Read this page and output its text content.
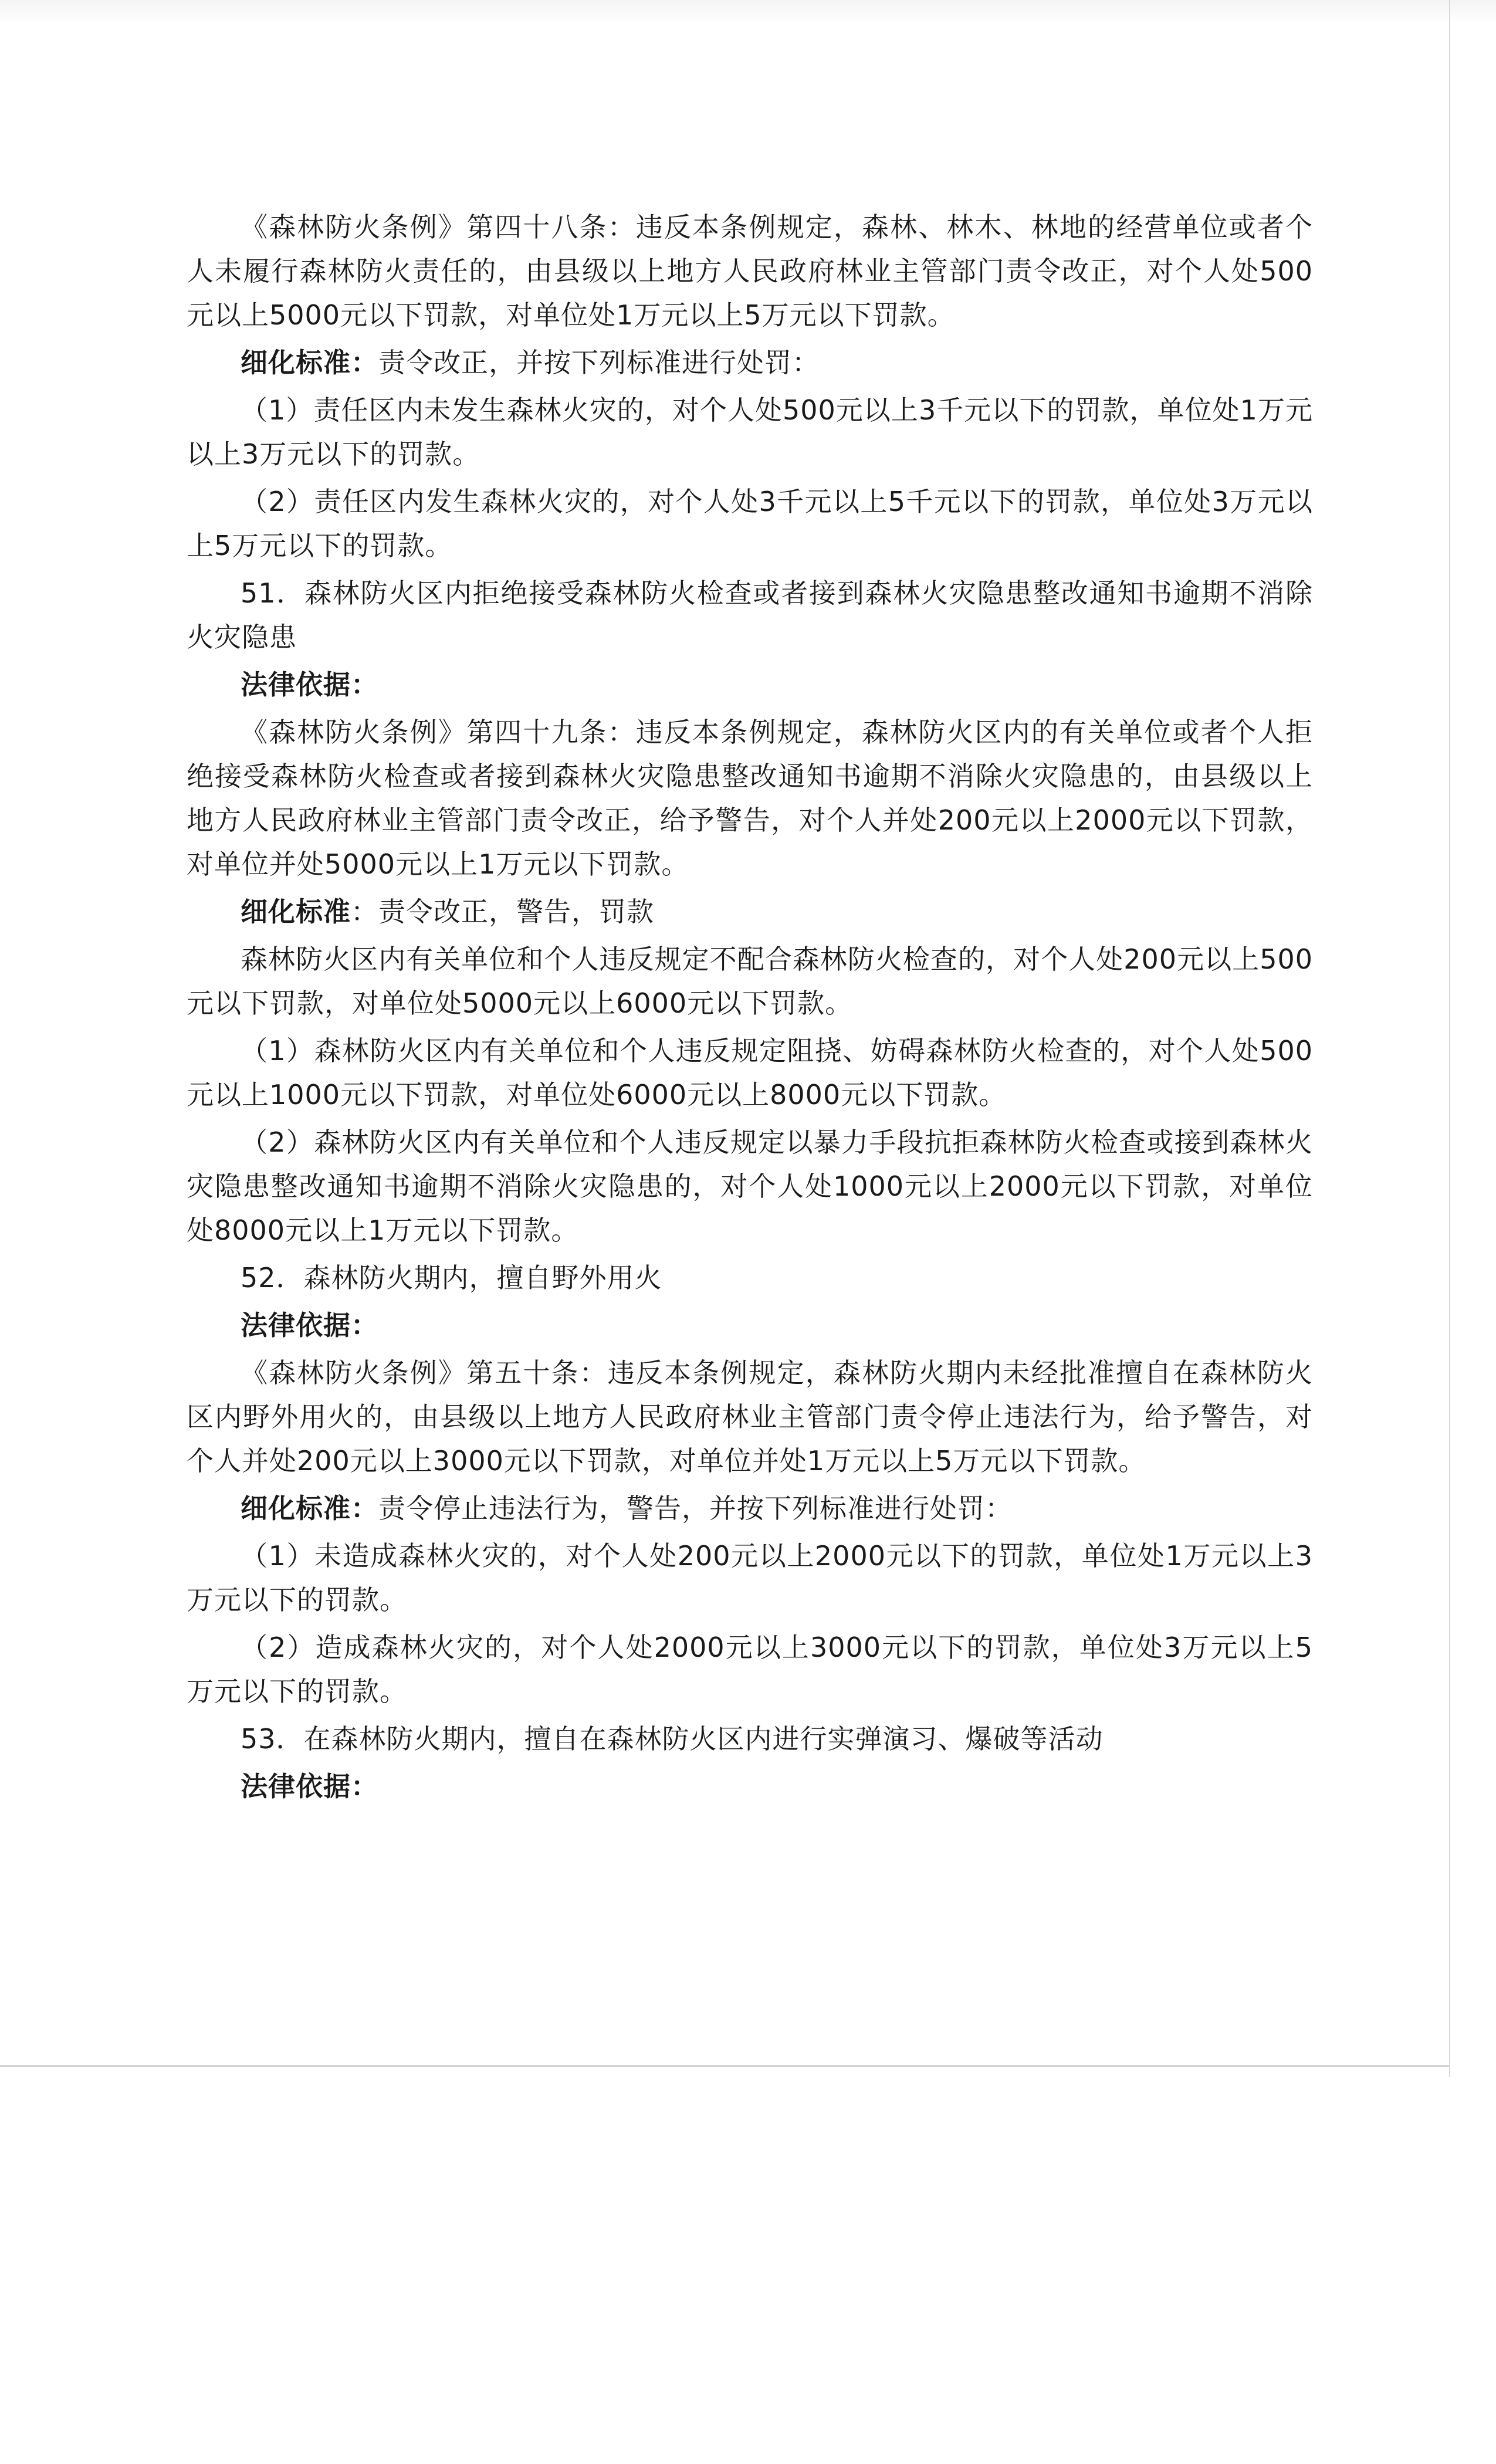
《森林防火条例》第四十八条：违反本条例规定，森林、林木、林地的经营单位或者个人未履行森林防火责任的，由县级以上地方人民政府林业主管部门责令改正，对个人处500元以上5000元以下罚款，对单位处1万元以上5万元以下罚款。

细化标准：责令改正，并按下列标准进行处罚：

（1）责任区内未发生森林火灾的，对个人处500元以上3千元以下的罚款，单位处1万元以上3万元以下的罚款。

（2）责任区内发生森林火灾的，对个人处3千元以上5千元以下的罚款，单位处3万元以上5万元以下的罚款。

51．森林防火区内拒绝接受森林防火检查或者接到森林火灾隐患整改通知书逾期不消除火灾隐患

法律依据：

《森林防火条例》第四十九条：违反本条例规定，森林防火区内的有关单位或者个人拒绝接受森林防火检查或者接到森林火灾隐患整改通知书逾期不消除火灾隐患的，由县级以上地方人民政府林业主管部门责令改正，给予警告，对个人并处200元以上2000元以下罚款，对单位并处5000元以上1万元以下罚款。

细化标准：责令改正，警告，罚款

森林防火区内有关单位和个人违反规定不配合森林防火检查的，对个人处200元以上500元以下罚款，对单位处5000元以上6000元以下罚款。

（1）森林防火区内有关单位和个人违反规定阻挠、妨碍森林防火检查的，对个人处500元以上1000元以下罚款，对单位处6000元以上8000元以下罚款。

（2）森林防火区内有关单位和个人违反规定以暴力手段抗拒森林防火检查或接到森林火灾隐患整改通知书逾期不消除火灾隐患的，对个人处1000元以上2000元以下罚款，对单位处8000元以上1万元以下罚款。

52．森林防火期内，擅自野外用火

法律依据：

《森林防火条例》第五十条：违反本条例规定，森林防火期内未经批准擅自在森林防火区内野外用火的，由县级以上地方人民政府林业主管部门责令停止违法行为，给予警告，对个人并处200元以上3000元以下罚款，对单位并处1万元以上5万元以下罚款。

细化标准：责令停止违法行为，警告，并按下列标准进行处罚：

（1）未造成森林火灾的，对个人处200元以上2000元以下的罚款，单位处1万元以上3万元以下的罚款。

（2）造成森林火灾的，对个人处2000元以上3000元以下的罚款，单位处3万元以上5万元以下的罚款。

53．在森林防火期内，擅自在森林防火区内进行实弹演习、爆破等活动

法律依据：
